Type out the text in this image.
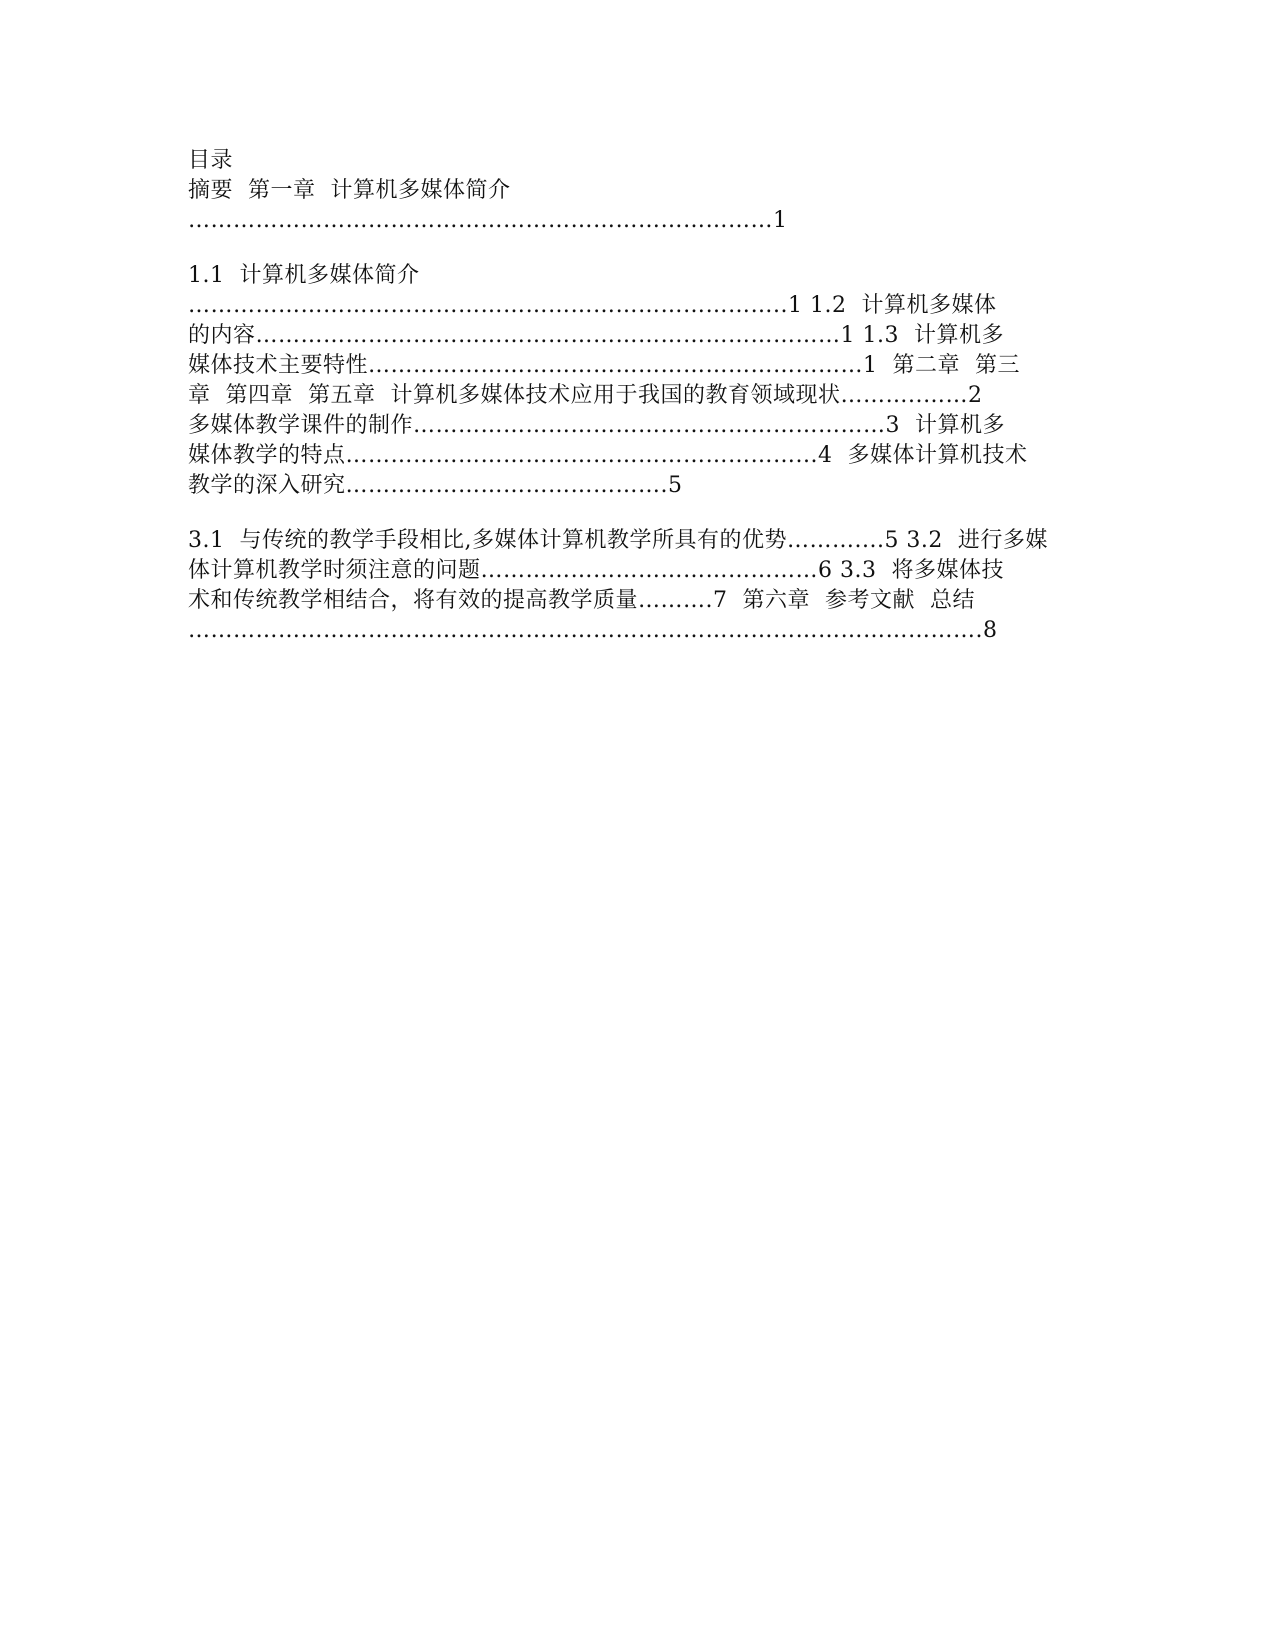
目录
摘要  第一章  计算机多媒体简介
……………………………………………………………………1
1.1  计算机多媒体简介
……………………………………………………………………..1 1.2  计算机多媒体
的内容……………………………………………………………………1 1.3  计算机多
媒体技术主要特性…………………………………………………………1  第二章  第三
章  第四章  第五章  计算机多媒体技术应用于我国的教育领域现状………..……2
多媒体教学课件的制作………………………………………………………3  计算机多
媒体教学的特点……………………………………………………...4  多媒体计算机技术
教学的深入研究…………………………………….5
3.1  与传统的教学手段相比,多媒体计算机教学所具有的优势………....5 3.2  进行多媒
体计算机教学时须注意的问题………………………………………6 3.3  将多媒体技
术和传统教学相结合，将有效的提高教学质量……….7  第六章  参考文献  总结
…………………………………………………………………………………………….8
